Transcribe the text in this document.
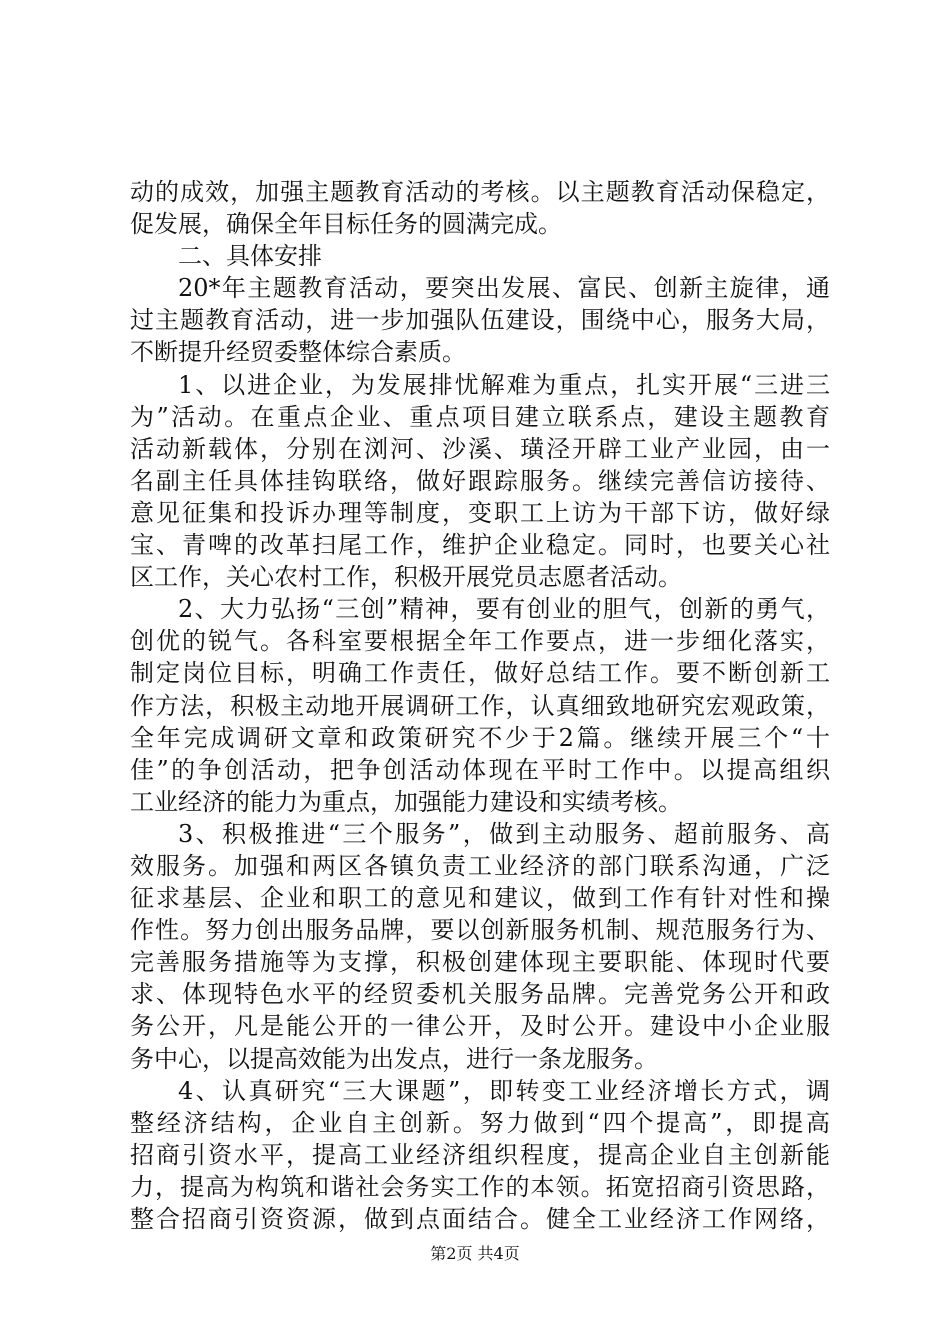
动的成效，加强主题教育活动的考核。以主题教育活动保稳定，
促发展，确保全年目标任务的圆满完成。
二、具体安排
20*年主题教育活动，要突出发展、富民、创新主旋律，通
过主题教育活动，进一步加强队伍建设，围绕中心，服务大局，
不断提升经贸委整体综合素质。
1、以进企业，为发展排忧解难为重点，扎实开展“三进三
为”活动。在重点企业、重点项目建立联系点，建设主题教育
活动新载体，分别在浏河、沙溪、璜泾开辟工业产业园，由一
名副主任具体挂钩联络，做好跟踪服务。继续完善信访接待、
意见征集和投诉办理等制度，变职工上访为干部下访，做好绿
宝、青啤的改革扫尾工作，维护企业稳定。同时，也要关心社
区工作，关心农村工作，积极开展党员志愿者活动。
2、大力弘扬“三创”精神，要有创业的胆气，创新的勇气，
创优的锐气。各科室要根据全年工作要点，进一步细化落实，
制定岗位目标，明确工作责任，做好总结工作。要不断创新工
作方法，积极主动地开展调研工作，认真细致地研究宏观政策，
全年完成调研文章和政策研究不少于2篇。继续开展三个“十
佳”的争创活动，把争创活动体现在平时工作中。以提高组织
工业经济的能力为重点，加强能力建设和实绩考核。
3、积极推进“三个服务”，做到主动服务、超前服务、高
效服务。加强和两区各镇负责工业经济的部门联系沟通，广泛
征求基层、企业和职工的意见和建议，做到工作有针对性和操
作性。努力创出服务品牌，要以创新服务机制、规范服务行为、
完善服务措施等为支撑，积极创建体现主要职能、体现时代要
求、体现特色水平的经贸委机关服务品牌。完善党务公开和政
务公开，凡是能公开的一律公开，及时公开。建设中小企业服
务中心，以提高效能为出发点，进行一条龙服务。
4、认真研究“三大课题”，即转变工业经济增长方式，调
整经济结构，企业自主创新。努力做到“四个提高”，即提高
招商引资水平，提高工业经济组织程度，提高企业自主创新能
力，提高为构筑和谐社会务实工作的本领。拓宽招商引资思路，
整合招商引资资源，做到点面结合。健全工业经济工作网络，
第2页 共4页
